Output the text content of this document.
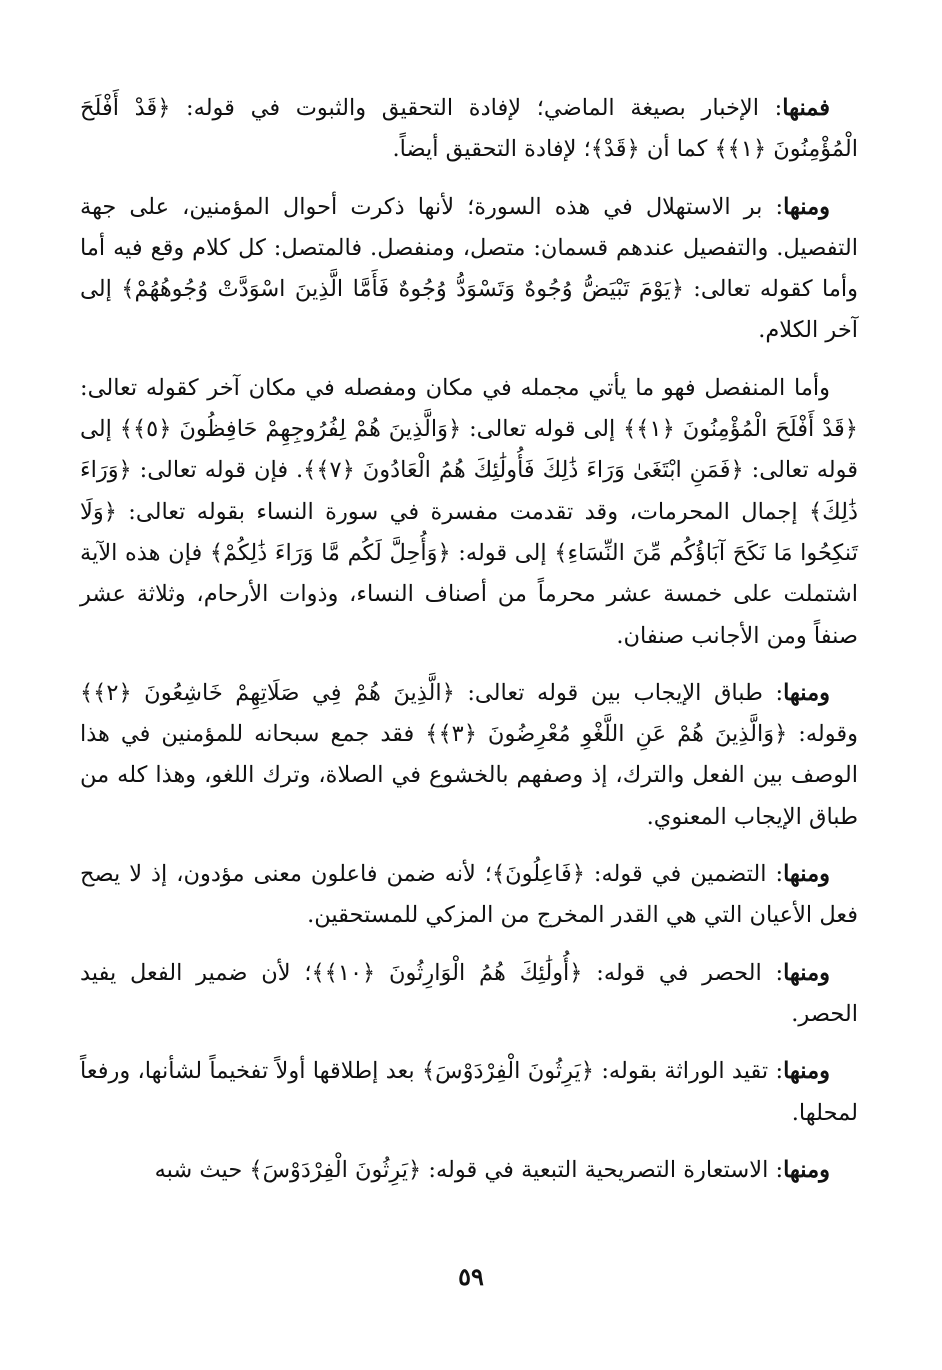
فمنها: الإخبار بصيغة الماضي؛ لإفادة التحقيق والثبوت في قوله: ﴿قَدْ أَفْلَحَ الْمُؤْمِنُونَ ﴿١﴾﴾ كما أن ﴿قَدْ﴾؛ لإفادة التحقيق أيضاً.

ومنها: بر الاستهلال في هذه السورة؛ لأنها ذكرت أحوال المؤمنين، على جهة التفصيل. والتفصيل عندهم قسمان: متصل، ومنفصل. فالمتصل: كل كلام وقع فيه أما وأما كقوله تعالى: ﴿يَوْمَ تَبْيَضُّ وُجُوهٌ وَتَسْوَدُّ وُجُوهٌ فَأَمَّا الَّذِينَ اسْوَدَّتْ وُجُوهُهُمْ﴾ إلى آخر الكلام.

وأما المنفصل فهو ما يأتي مجمله في مكان ومفصله في مكان آخر كقوله تعالى: ﴿قَدْ أَفْلَحَ الْمُؤْمِنُونَ ﴿١﴾﴾ إلى قوله تعالى: ﴿وَالَّذِينَ هُمْ لِفُرُوجِهِمْ حَافِظُونَ ﴿٥﴾﴾ إلى قوله تعالى: ﴿فَمَنِ ابْتَغَىٰ وَرَاءَ ذَٰلِكَ فَأُولَٰئِكَ هُمُ الْعَادُونَ ﴿٧﴾﴾. فإن قوله تعالى: ﴿وَرَاءَ ذَٰلِكَ﴾ إجمال المحرمات، وقد تقدمت مفسرة في سورة النساء بقوله تعالى: ﴿وَلَا تَنكِحُوا مَا نَكَحَ آبَاؤُكُم مِّنَ النِّسَاءِ﴾ إلى قوله: ﴿وَأُحِلَّ لَكُم مَّا وَرَاءَ ذَٰلِكُمْ﴾ فإن هذه الآية اشتملت على خمسة عشر محرماً من أصناف النساء، وذوات الأرحام، وثلاثة عشر صنفاً ومن الأجانب صنفان.

ومنها: طباق الإيجاب بين قوله تعالى: ﴿الَّذِينَ هُمْ فِي صَلَاتِهِمْ خَاشِعُونَ ﴿٢﴾﴾ وقوله: ﴿وَالَّذِينَ هُمْ عَنِ اللَّغْوِ مُعْرِضُونَ ﴿٣﴾﴾ فقد جمع سبحانه للمؤمنين في هذا الوصف بين الفعل والترك، إذ وصفهم بالخشوع في الصلاة، وترك اللغو، وهذا كله من طباق الإيجاب المعنوي.

ومنها: التضمين في قوله: ﴿فَاعِلُونَ﴾؛ لأنه ضمن فاعلون معنى مؤدون، إذ لا يصح فعل الأعيان التي هي القدر المخرج من المزكي للمستحقين.

ومنها: الحصر في قوله: ﴿أُولَٰئِكَ هُمُ الْوَارِثُونَ ﴿١٠﴾﴾؛ لأن ضمير الفعل يفيد الحصر.

ومنها: تقيد الوراثة بقوله: ﴿يَرِثُونَ الْفِرْدَوْسَ﴾ بعد إطلاقها أولاً تفخيماً لشأنها، ورفعاً لمحلها.

ومنها: الاستعارة التصريحية التبعية في قوله: ﴿يَرِثُونَ الْفِرْدَوْسَ﴾ حيث شبه

٥٩
